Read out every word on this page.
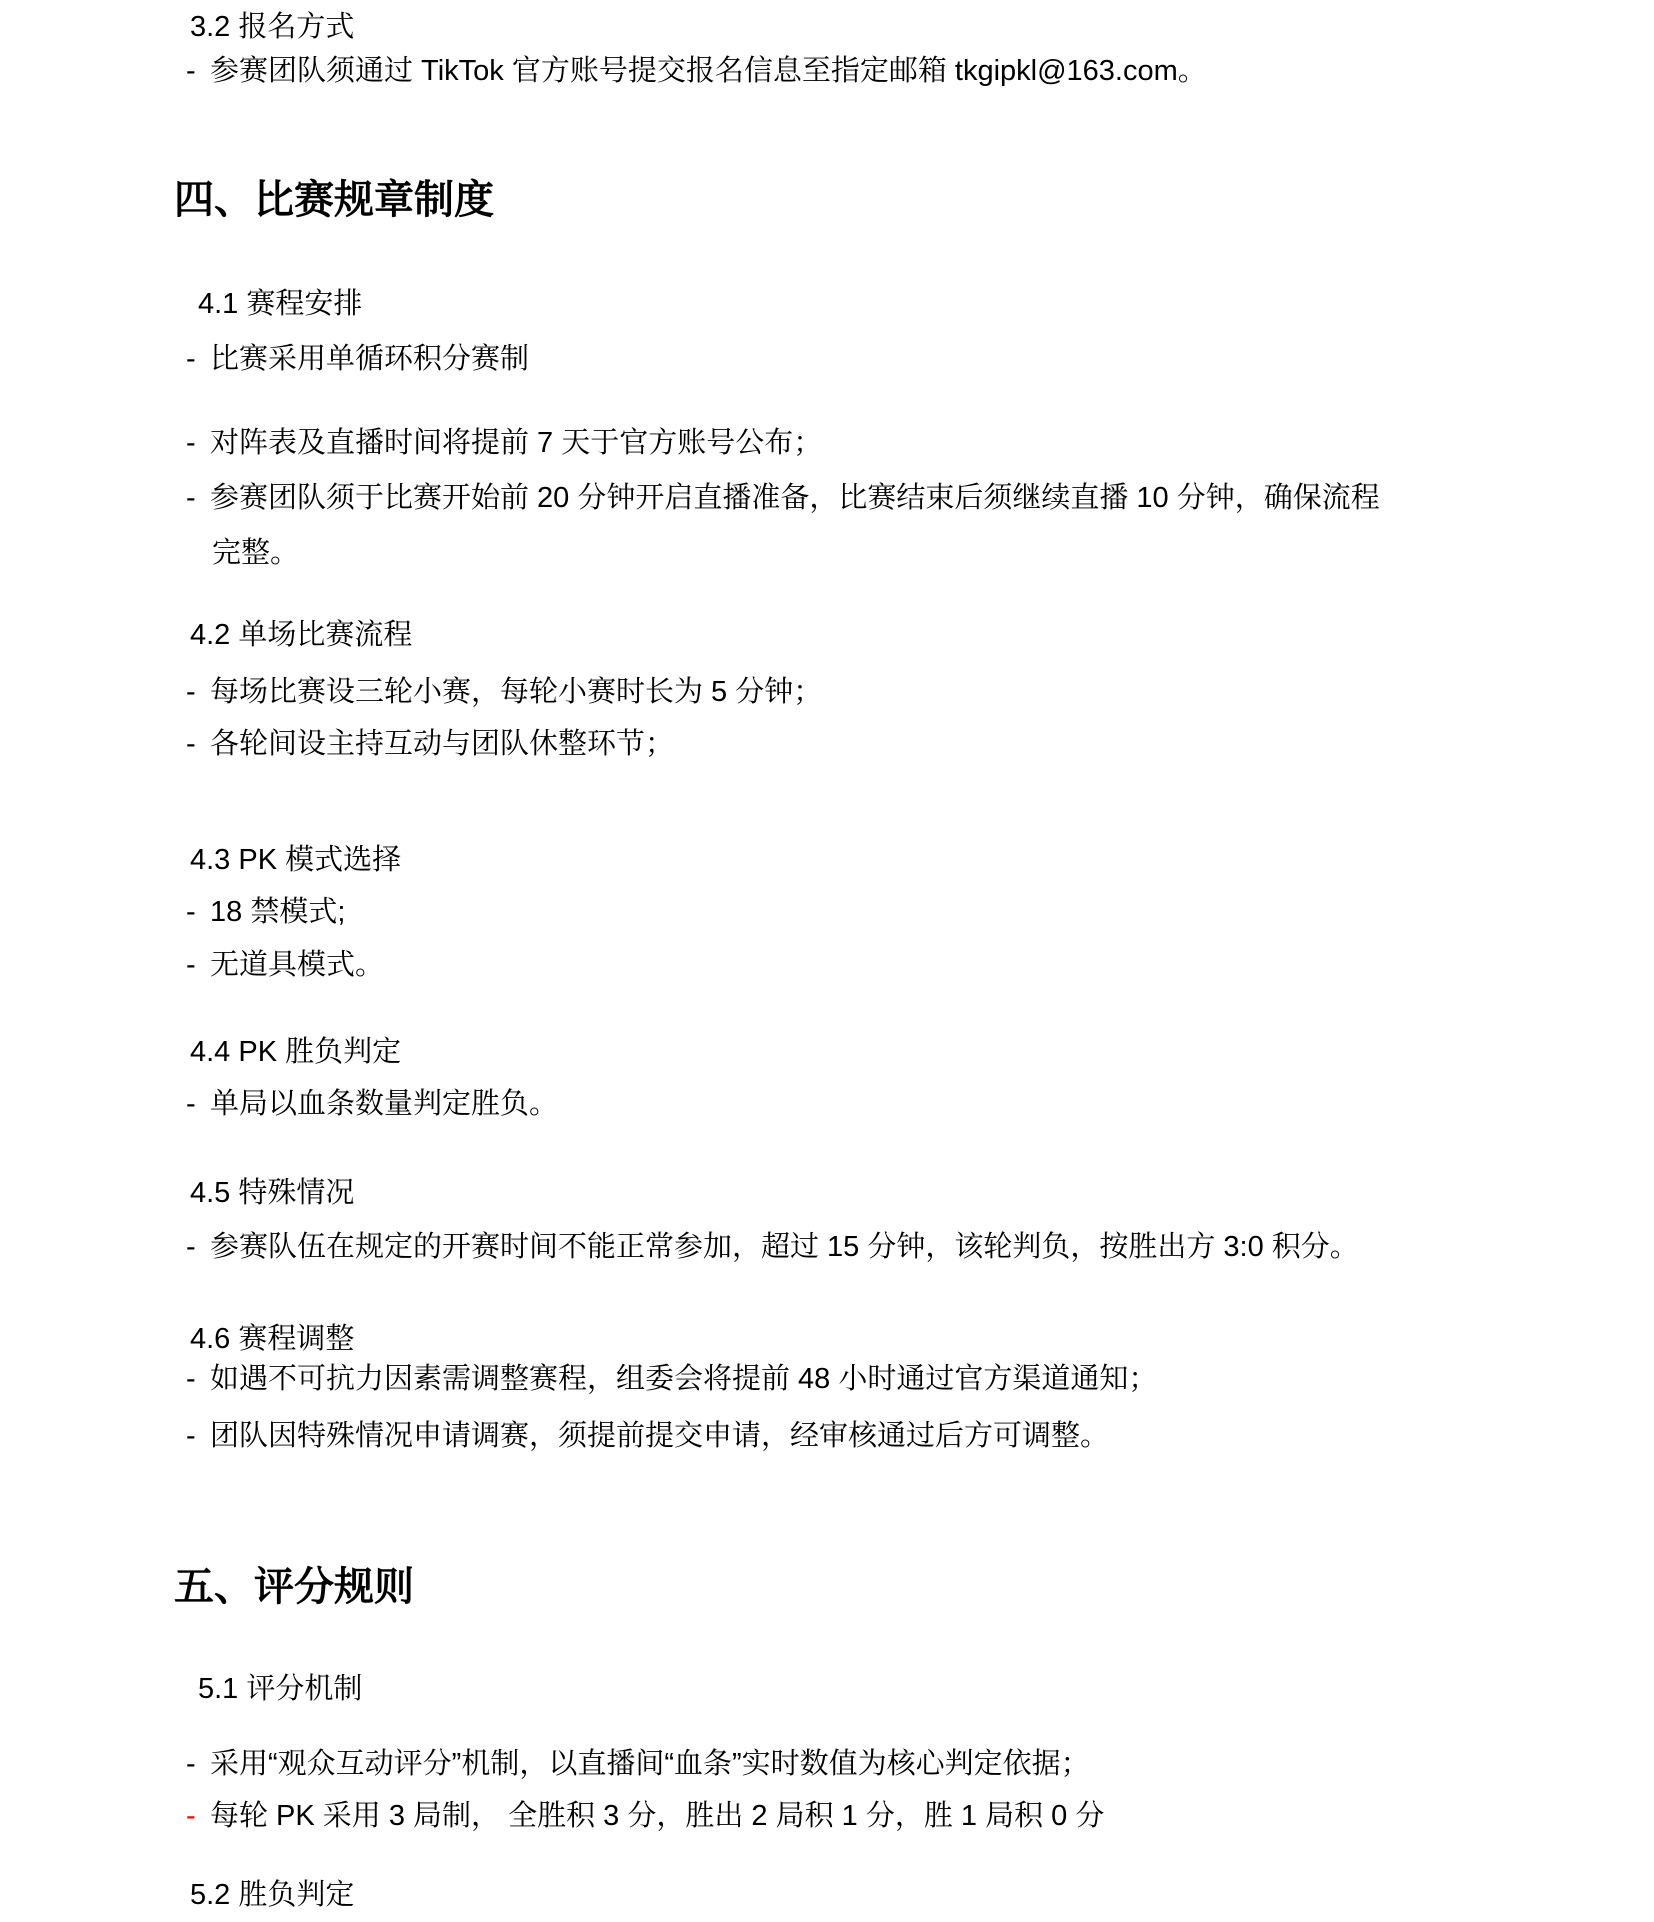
3.2 报名方式
- 参赛团队须通过 TikTok 官方账号提交报名信息至指定邮箱 tkgipkl@163.com。
四、比赛规章制度
4.1 赛程安排
- 比赛采用单循环积分赛制
- 对阵表及直播时间将提前 7 天于官方账号公布；
- 参赛团队须于比赛开始前 20 分钟开启直播准备，比赛结束后须继续直播 10 分钟，确保流程
完整。
4.2 单场比赛流程
- 每场比赛设三轮小赛，每轮小赛时长为 5 分钟；
- 各轮间设主持互动与团队休整环节；
4.3 PK 模式选择
- 18 禁模式;
- 无道具模式。
4.4 PK 胜负判定
- 单局以血条数量判定胜负。
4.5 特殊情况
- 参赛队伍在规定的开赛时间不能正常参加，超过 15 分钟，该轮判负，按胜出方 3:0 积分。
4.6 赛程调整
- 如遇不可抗力因素需调整赛程，组委会将提前 48 小时通过官方渠道通知；
- 团队因特殊情况申请调赛，须提前提交申请，经审核通过后方可调整。
五、评分规则
5.1 评分机制
- 采用“观众互动评分”机制，以直播间“血条”实时数值为核心判定依据；
- 每轮 PK 采用 3 局制， 全胜积 3 分，胜出 2 局积 1 分，胜 1 局积 0 分
5.2 胜负判定
